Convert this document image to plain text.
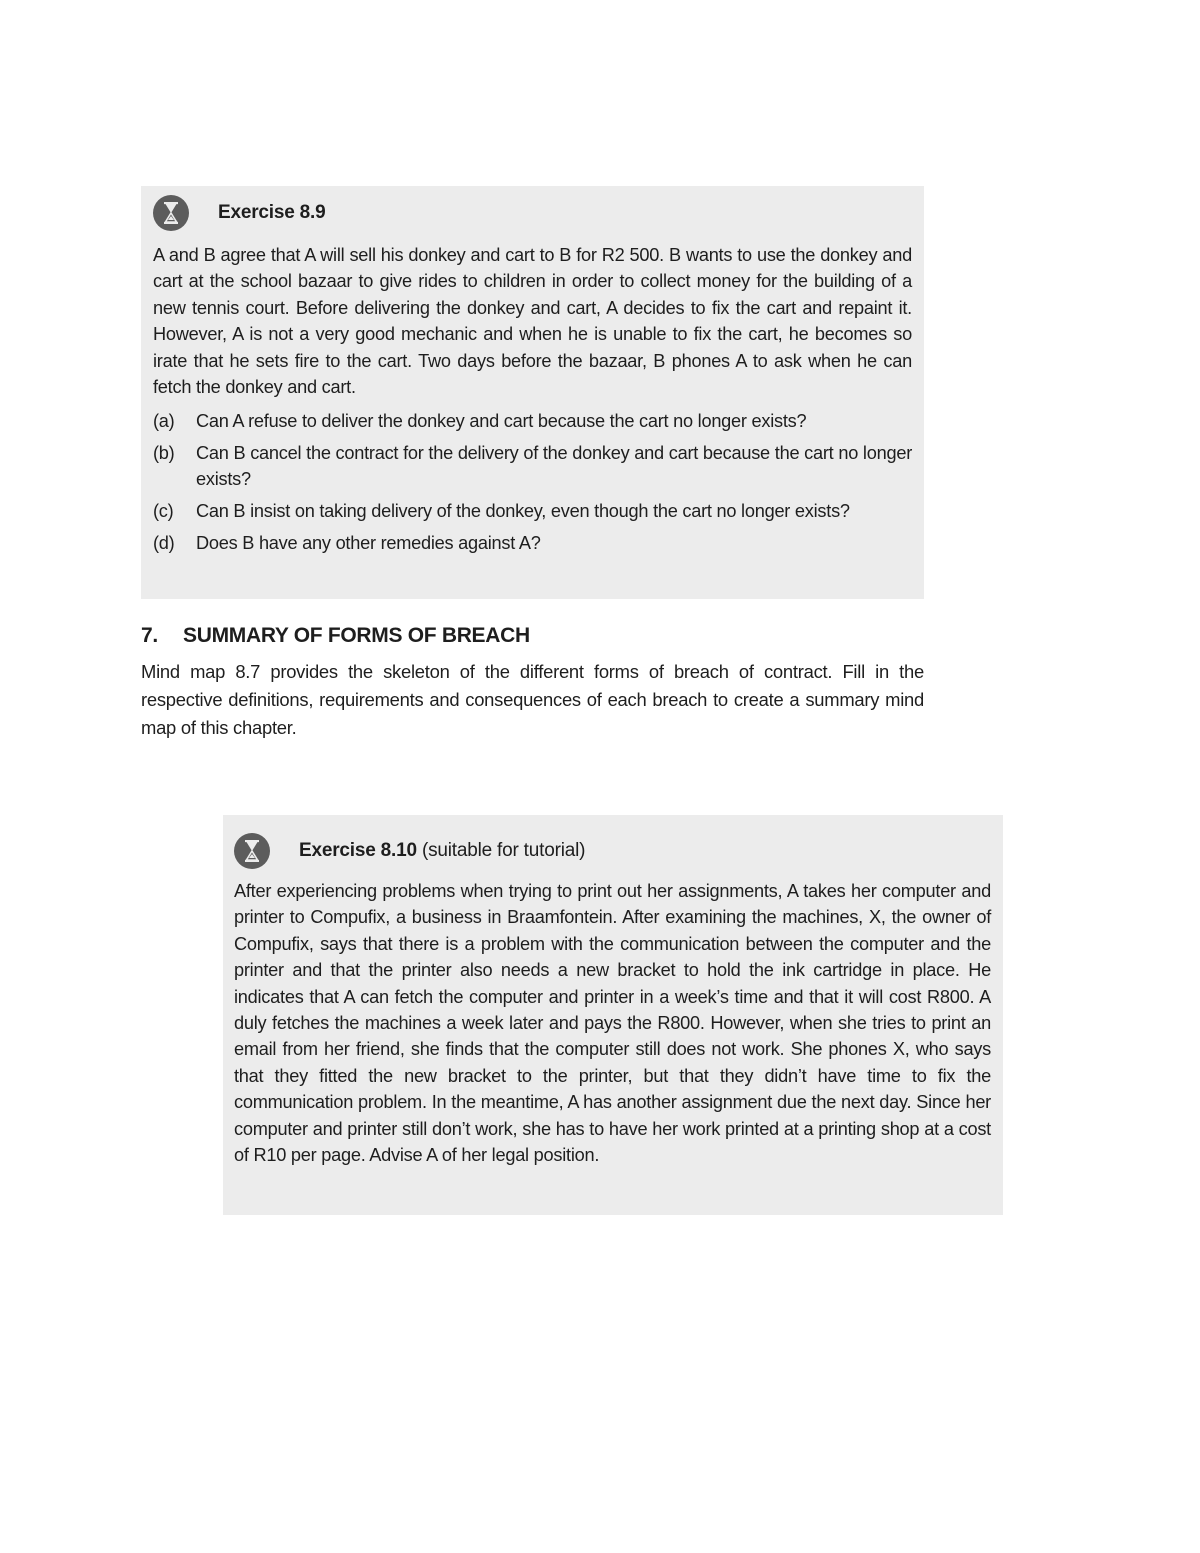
Exercise 8.9

A and B agree that A will sell his donkey and cart to B for R2 500. B wants to use the donkey and cart at the school bazaar to give rides to children in order to collect money for the building of a new tennis court. Before delivering the donkey and cart, A decides to fix the cart and repaint it. However, A is not a very good mechanic and when he is unable to fix the cart, he becomes so irate that he sets fire to the cart. Two days before the bazaar, B phones A to ask when he can fetch the donkey and cart.

(a)	Can A refuse to deliver the donkey and cart because the cart no longer exists?
(b)	Can B cancel the contract for the delivery of the donkey and cart because the cart no longer exists?
(c)	Can B insist on taking delivery of the donkey, even though the cart no longer exists?
(d)	Does B have any other remedies against A?
7. SUMMARY OF FORMS OF BREACH

Mind map 8.7 provides the skeleton of the different forms of breach of contract. Fill in the respective definitions, requirements and consequences of each breach to create a summary mind map of this chapter.

Exercise 8.10 (suitable for tutorial)

After experiencing problems when trying to print out her assignments, A takes her computer and printer to Compufix, a business in Braamfontein. After examining the machines, X, the owner of Compufix, says that there is a problem with the communication between the computer and the printer and that the printer also needs a new bracket to hold the ink cartridge in place. He indicates that A can fetch the computer and printer in a week’s time and that it will cost R800. A duly fetches the machines a week later and pays the R800. However, when she tries to print an email from her friend, she finds that the computer still does not work. She phones X, who says that they fitted the new bracket to the printer, but that they didn’t have time to fix the communication problem. In the meantime, A has another assignment due the next day. Since her computer and printer still don’t work, she has to have her work printed at a printing shop at a cost of R10 per page. Advise A of her legal position.
